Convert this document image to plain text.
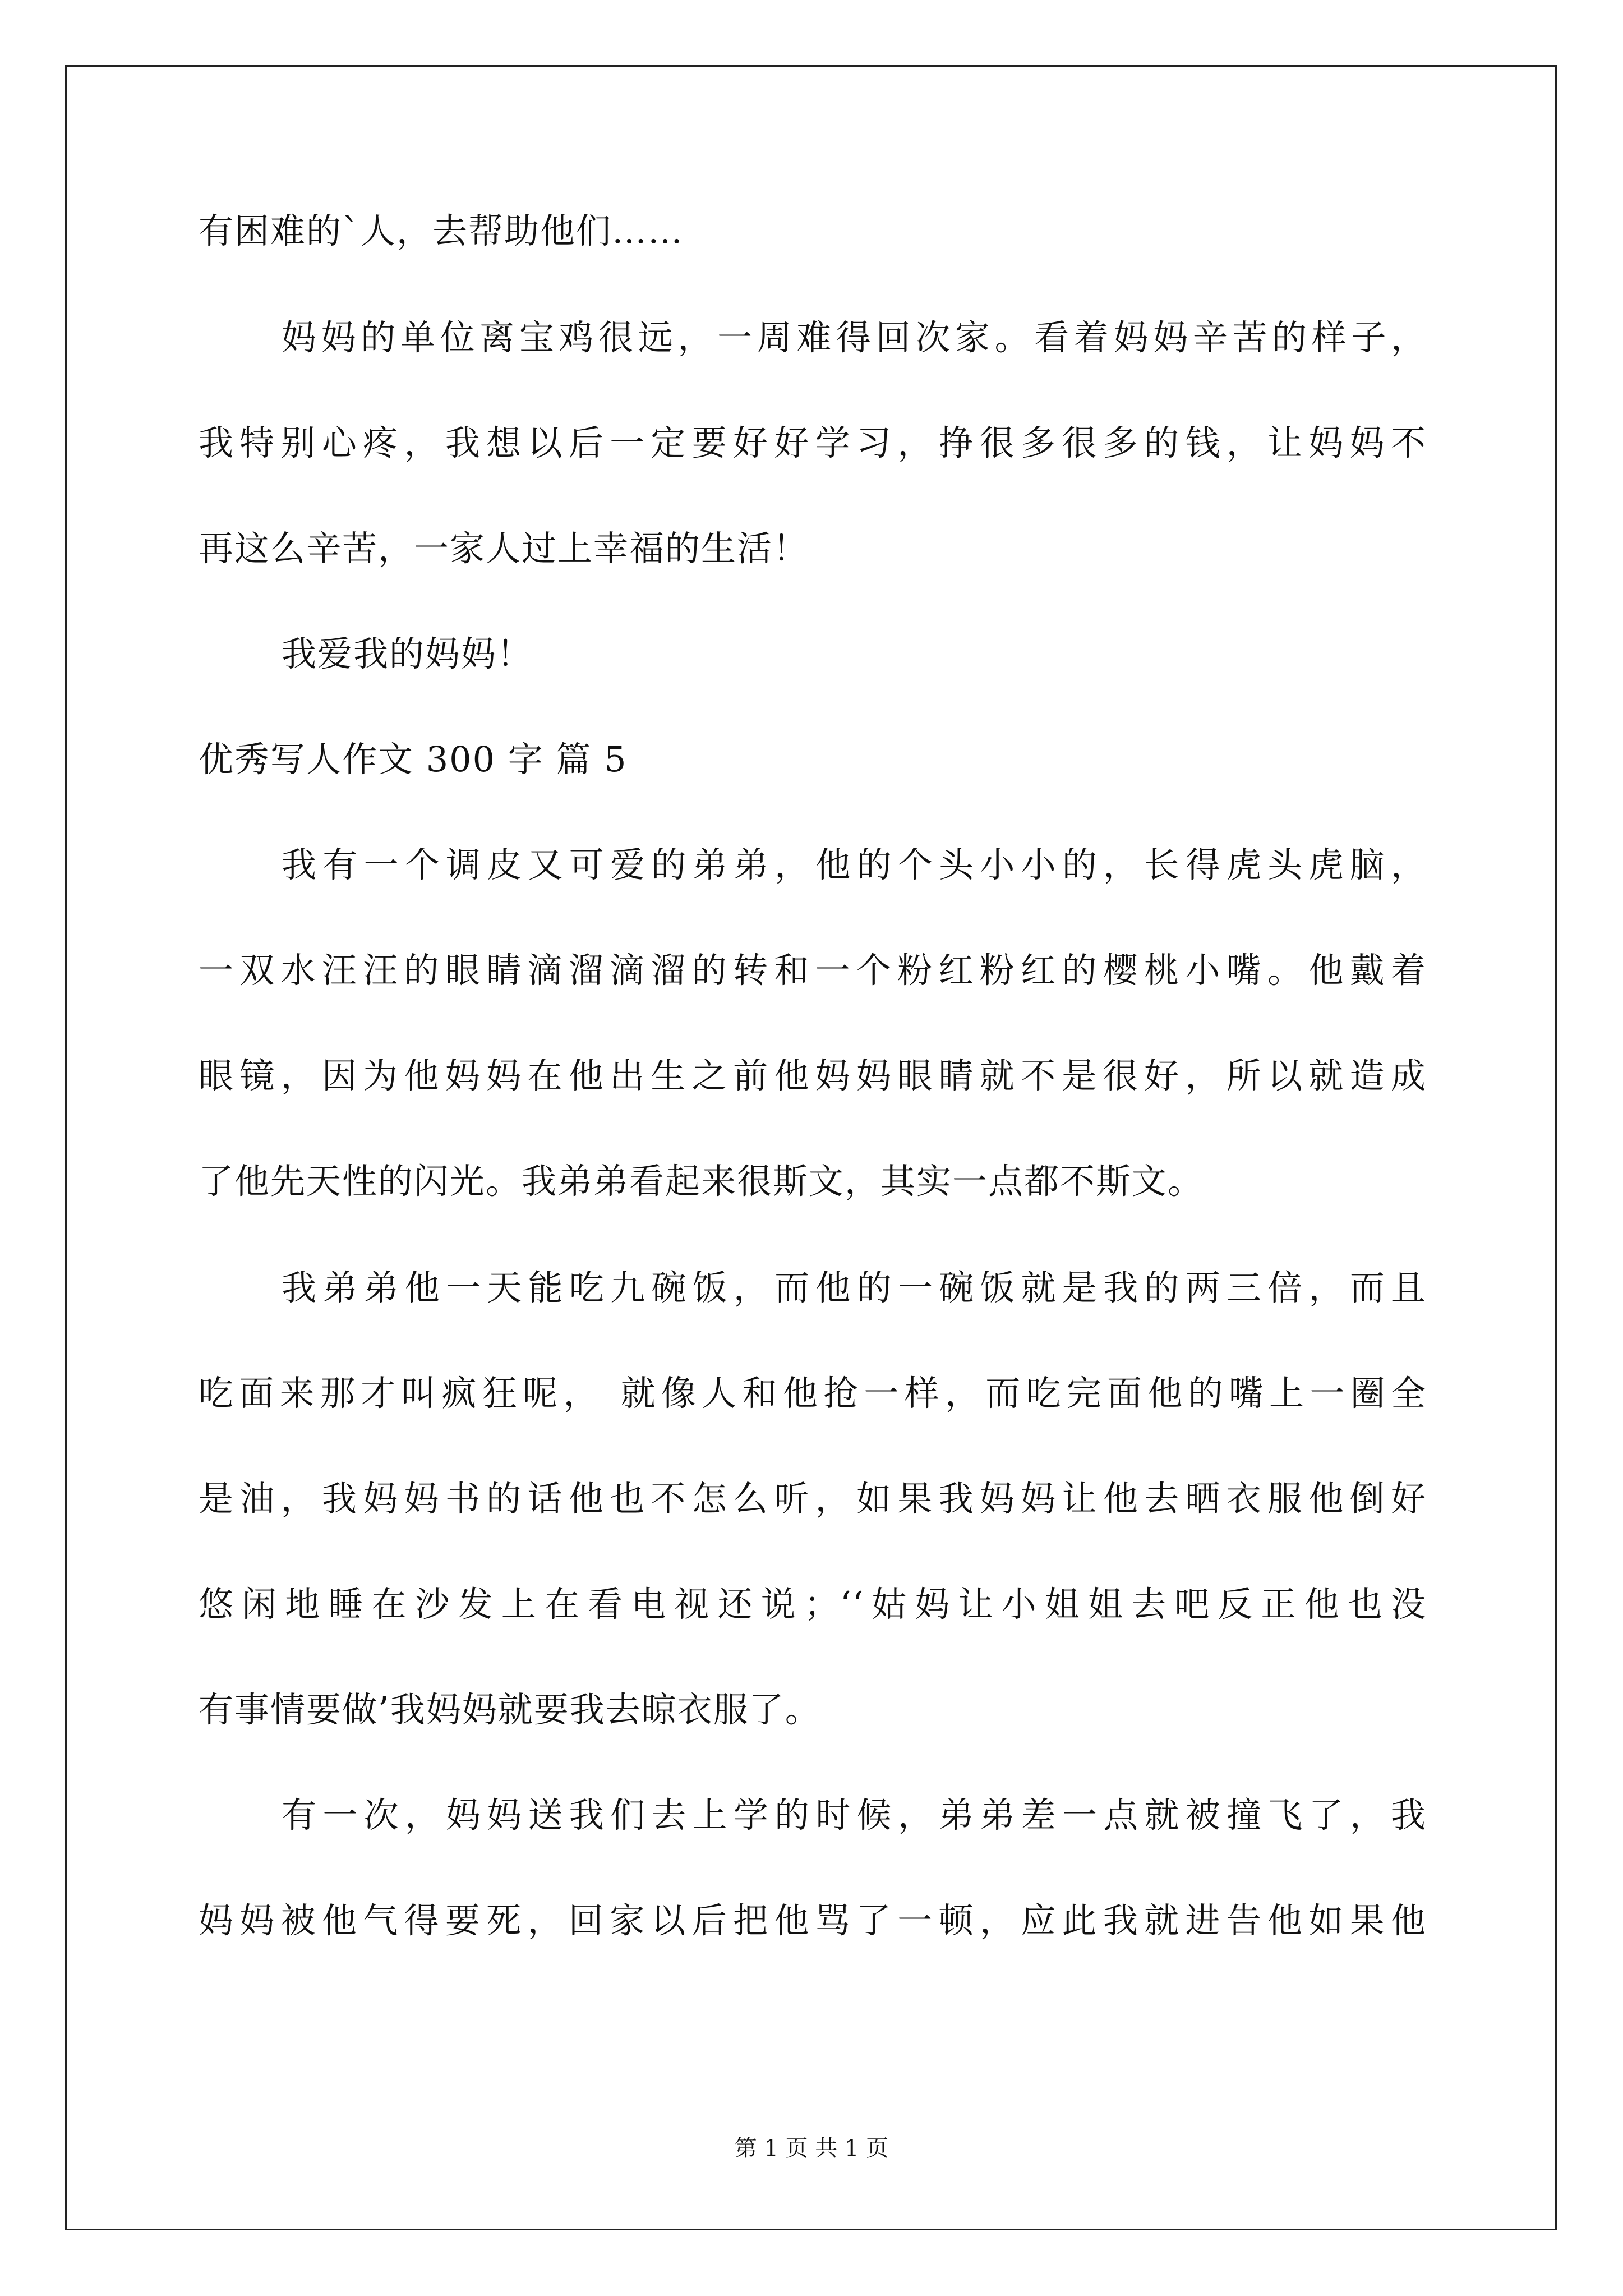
有困难的`人，去帮助他们……
妈妈的单位离宝鸡很远，一周难得回次家。看着妈妈辛苦的样子，
我特别心疼，我想以后一定要好好学习，挣很多很多的钱，让妈妈不
再这么辛苦，一家人过上幸福的生活！
我爱我的妈妈！
优秀写人作文 300 字 篇 5
我有一个调皮又可爱的弟弟，他的个头小小的，长得虎头虎脑，
一双水汪汪的眼睛滴溜滴溜的转和一个粉红粉红的樱桃小嘴。他戴着
眼镜，因为他妈妈在他出生之前他妈妈眼睛就不是很好，所以就造成
了他先天性的闪光。我弟弟看起来很斯文，其实一点都不斯文。
我弟弟他一天能吃九碗饭，而他的一碗饭就是我的两三倍，而且
吃面来那才叫疯狂呢， 就像人和他抢一样，而吃完面他的嘴上一圈全
是油，我妈妈书的话他也不怎么听，如果我妈妈让他去晒衣服他倒好
悠闲地睡在沙发上在看电视还说；‘‘姑妈让小姐姐去吧反正他也没
有事情要做’我妈妈就要我去晾衣服了。
有一次，妈妈送我们去上学的时候，弟弟差一点就被撞飞了，我
妈妈被他气得要死，回家以后把他骂了一顿，应此我就进告他如果他
第 1 页 共 1 页
